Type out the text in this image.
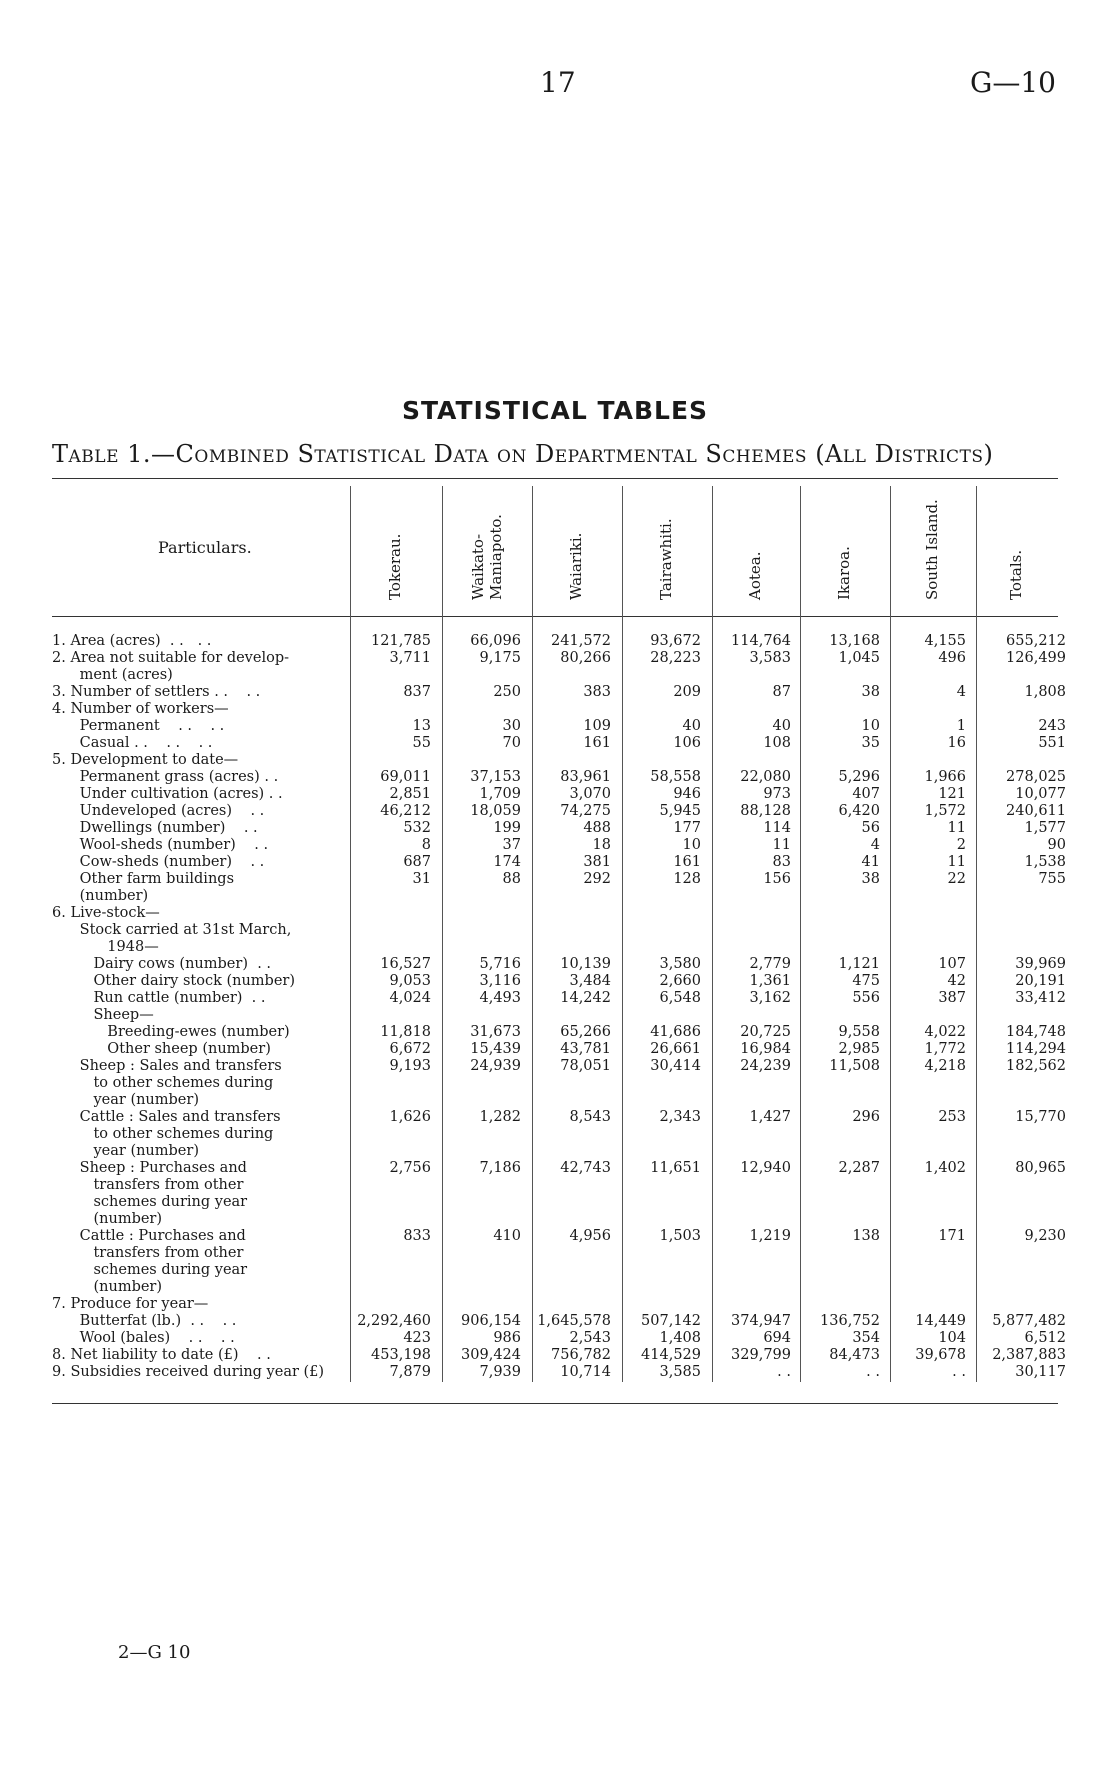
17	G—10
STATISTICAL TABLES
Table 1.—Combined Statistical Data on Departmental Schemes (All Districts)
Particulars.	Tokerau.	Waikato- Maniapoto.	Waiariki.	Tairawhiti.	Aotea.	Ikaroa.	South Island.	Totals.
1. Area (acres)  . .   . .	121,785	66,096	241,572	93,672	114,764	13,168	4,155	655,212
2. Area not suitable for develop-	3,711	9,175	80,266	28,223	3,583	1,045	496	126,499
ment (acres)
3. Number of settlers . .    . .	837	250	383	209	87	38	4	1,808
4. Number of workers—
Permanent    . .    . .	13	30	109	40	40	10	1	243
Casual . .    . .    . .	55	70	161	106	108	35	16	551
5. Development to date—
Permanent grass (acres) . .	69,011	37,153	83,961	58,558	22,080	5,296	1,966	278,025
Under cultivation (acres) . .	2,851	1,709	3,070	946	973	407	121	10,077
Undeveloped (acres)    . .	46,212	18,059	74,275	5,945	88,128	6,420	1,572	240,611
Dwellings (number)    . .	532	199	488	177	114	56	11	1,577
Wool-sheds (number)    . .	8	37	18	10	11	4	2	90
Cow-sheds (number)    . .	687	174	381	161	83	41	11	1,538
Other farm buildings	31	88	292	128	156	38	22	755
(number)
6. Live-stock—
Stock carried at 31st March,
1948—
Dairy cows (number)  . .	16,527	5,716	10,139	3,580	2,779	1,121	107	39,969
Other dairy stock (number)	9,053	3,116	3,484	2,660	1,361	475	42	20,191
Run cattle (number)  . .	4,024	4,493	14,242	6,548	3,162	556	387	33,412
Sheep—
Breeding-ewes (number)	11,818	31,673	65,266	41,686	20,725	9,558	4,022	184,748
Other sheep (number)	6,672	15,439	43,781	26,661	16,984	2,985	1,772	114,294
Sheep : Sales and transfers	9,193	24,939	78,051	30,414	24,239	11,508	4,218	182,562
to other schemes during
year (number)
Cattle : Sales and transfers	1,626	1,282	8,543	2,343	1,427	296	253	15,770
to other schemes during
year (number)
Sheep : Purchases and	2,756	7,186	42,743	11,651	12,940	2,287	1,402	80,965
transfers from other
schemes during year
(number)
Cattle : Purchases and	833	410	4,956	1,503	1,219	138	171	9,230
transfers from other
schemes during year
(number)
7. Produce for year—
Butterfat (lb.)  . .    . .	2,292,460	906,154	1,645,578	507,142	374,947	136,752	14,449	5,877,482
Wool (bales)    . .    . .	423	986	2,543	1,408	694	354	104	6,512
8. Net liability to date (£)    . .	453,198	309,424	756,782	414,529	329,799	84,473	39,678	2,387,883
9. Subsidies received during year (£)	7,879	7,939	10,714	3,585	. .	. .	. .	30,117
2—G 10
